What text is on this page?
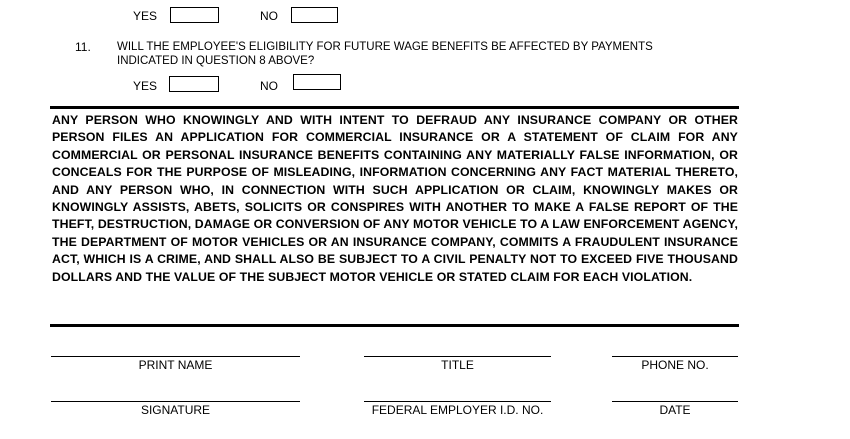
YES	NO
11. WILL THE EMPLOYEE'S ELIGIBILITY FOR FUTURE WAGE BENEFITS BE AFFECTED BY PAYMENTS INDICATED IN QUESTION 8 ABOVE?
YES	NO
ANY PERSON WHO KNOWINGLY AND WITH INTENT TO DEFRAUD ANY INSURANCE COMPANY OR OTHER PERSON FILES AN APPLICATION FOR COMMERCIAL INSURANCE OR A STATEMENT OF CLAIM FOR ANY COMMERCIAL OR PERSONAL INSURANCE BENEFITS CONTAINING ANY MATERIALLY FALSE INFORMATION, OR CONCEALS FOR THE PURPOSE OF MISLEADING, INFORMATION CONCERNING ANY FACT MATERIAL THERETO, AND ANY PERSON WHO, IN CONNECTION WITH SUCH APPLICATION OR CLAIM, KNOWINGLY MAKES OR KNOWINGLY ASSISTS, ABETS, SOLICITS OR CONSPIRES WITH ANOTHER TO MAKE A FALSE REPORT OF THE THEFT, DESTRUCTION, DAMAGE OR CONVERSION OF ANY MOTOR VEHICLE TO A LAW ENFORCEMENT AGENCY, THE DEPARTMENT OF MOTOR VEHICLES OR AN INSURANCE COMPANY, COMMITS A FRAUDULENT INSURANCE ACT, WHICH IS A CRIME, AND SHALL ALSO BE SUBJECT TO A CIVIL PENALTY NOT TO EXCEED FIVE THOUSAND DOLLARS AND THE VALUE OF THE SUBJECT MOTOR VEHICLE OR STATED CLAIM FOR EACH VIOLATION.
PRINT NAME	TITLE	PHONE NO.
SIGNATURE	FEDERAL EMPLOYER I.D. NO.	DATE
